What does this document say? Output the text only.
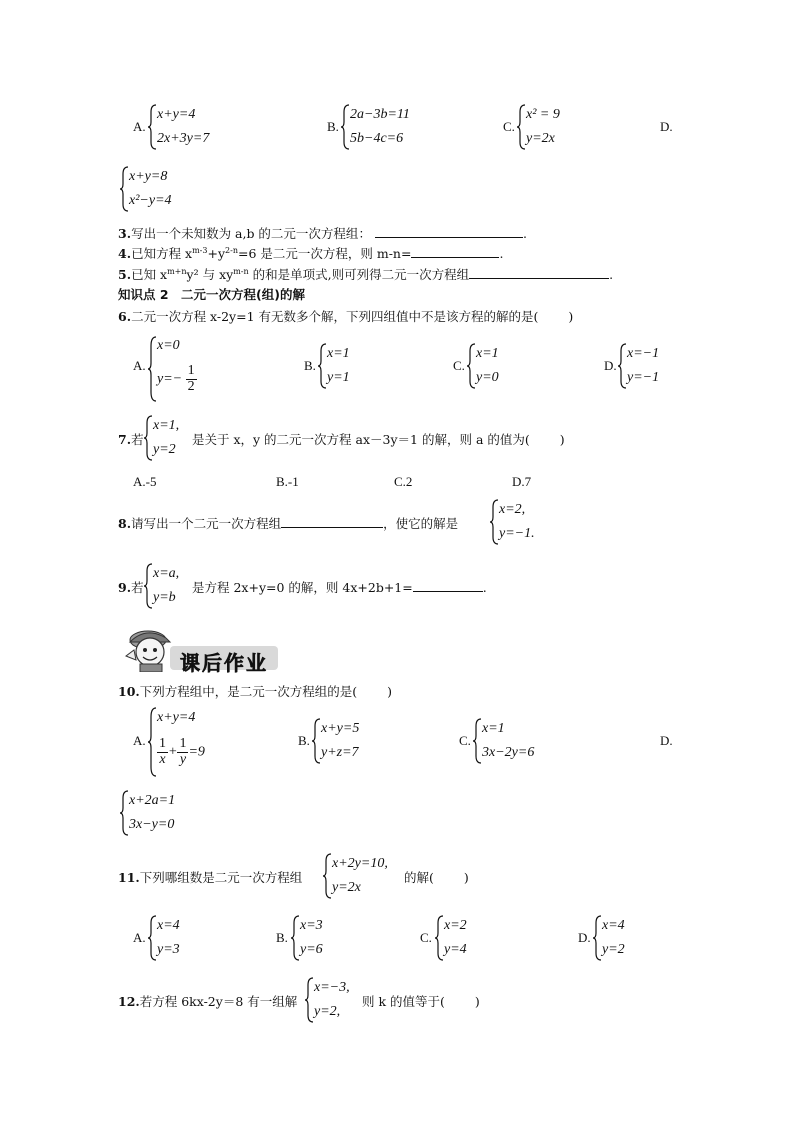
A.
x+y=4
2x+3y=7
B.
2a−3b=11
5b−4c=6
C.
x² = 9
y=2x
D.
x+y=8
x²−y=4
3.写出一个未知数为 a,b 的二元一次方程组：	.
4.已知方程 $x^{m-3}+y^{2-n}=6$ 是二元一次方程，则 m-n=	.
5.已知 $x^{m+n}y^2$ 与 $xy^{m-n}$ 的和是单项式,则可列得二元一次方程组	.
知识点 2　二元一次方程(组)的解
6.二元一次方程 x-2y=1 有无数多个解，下列四组值中不是该方程的解的是( )
A.
x=0
$y=- \frac{1}{2}$	B.
x=1
y=1
C.
x=1
y=0
D.
x=−1
y=−1
7.若
x=1,
y=2
是关于 x，y 的二元一次方程 ax－3y＝1 的解，则 a 的值为( )
A.-5	B.-1	C.2	D.7
8.请写出一个二元一次方程组	，使它的解是
x=2,
y=−1.
9.若
x=a,
y=b
是方程 2x+y=0 的解，则 4x+2b+1=	.
课后作业
10.下列方程组中，是二元一次方程组的是( )
A.
x+y=4
$\frac{1}{x} + \frac{1}{y} =9$
B.
x+y=5
y+z=7
C.
x=1
3x−2y=6
D.
x+2a=1
3x−y=0
11.下列哪组数是二元一次方程组
x+2y=10,
y=2x
的解( )
A.
x=4
y=3
B.
x=3
y=6
C.
x=2
y=4
D.
x=4
y=2
12.若方程 6kx-2y＝8 有一组解
x=−3,
y=2,
则 k 的值等于( )
